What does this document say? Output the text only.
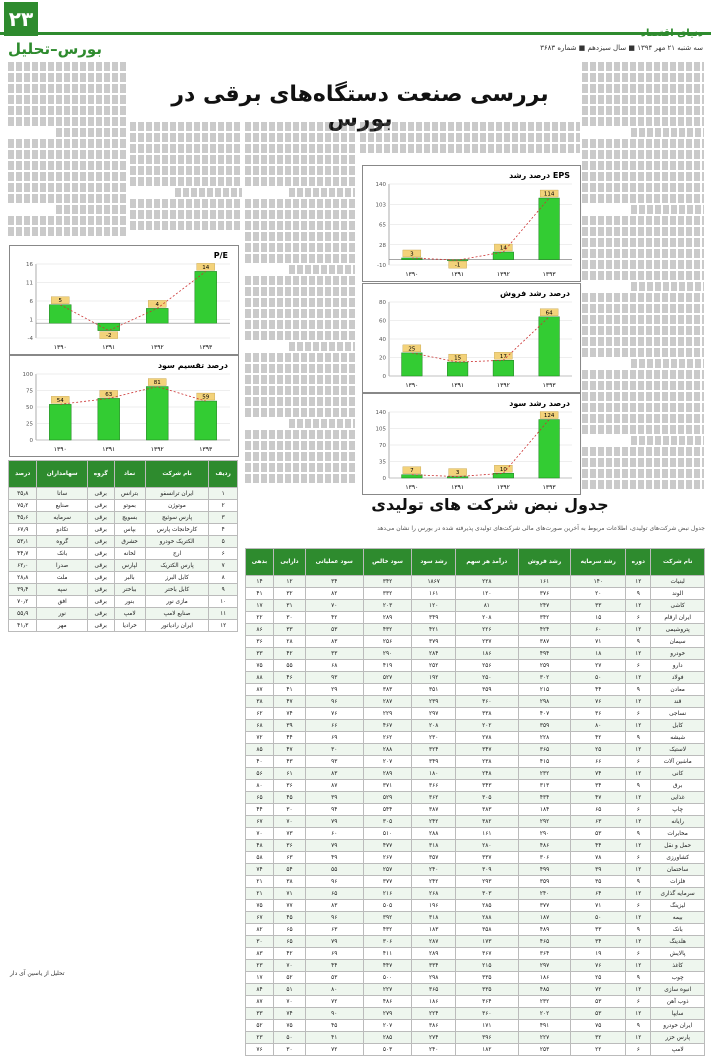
۲۳
بورس–تحلیل
دنیای اقتصاد
سه شنبه ۲۱ مهر ۱۳۹۴ ■ سال سیزدهم ■ شماره ۳۶۸۳
بررسی صنعت دستگاه‌های برقی در بورس
P/E
-4
1
6
11
16
5
۱۳۹۰
-2
۱۳۹۱
4
۱۳۹۲
14
۱۳۹۳
درصد تقسیم سود
0
25
50
75
100
54
۱۳۹۰
63
۱۳۹۱
81
۱۳۹۲
59
۱۳۹۳
درصد رشد EPS
-10
28
65
103
140
3
۱۳۹۰
-1
۱۳۹۱
14
۱۳۹۲
114
۱۳۹۳
درصد رشد فروش
0
20
40
60
80
25
۱۳۹۰
15
۱۳۹۱
17
۱۳۹۲
64
۱۳۹۳
درصد رشد سود
0
35
70
105
140
7
۱۳۹۰
3
۱۳۹۱
10
۱۳۹۲
124
۱۳۹۳
جدول نبض شرکت های تولیدی
جدول نبض شرکت‌های تولیدی، اطلاعات مربوط به آخرین صورت‌های مالی شرکت‌های تولیدی پذیرفته شده در بورس را نشان می‌دهد
نام شرکت	دوره	رشد سرمایه	رشد فروش	درآمد هر سهم	رشد سود	سود خالص	سود عملیاتی	دارایی	بدهی
لبنیات	۱۲	۱۴۰	۱۶۱	۲۲۸	۱۸۶۷	۳۴۲	۳۴	۱۲	۱۴
الوند	۹	۲۰	۳۷۶	۱۲۰	۱۶۱	۳۳۲	۸۲	۳۲	۴۱
کاشی	۱۲	۳۳	۲۴۷	۸۱	۱۲۰	۲۰۳	۷۰	۳۱	۱۷
ایران ارقام	۶	۱۵	۳۴۲	۲۰۸	۳۴۹	۲۸۹	۴۲	۳۰	۲۲
پتروشیمی	۱۲	۶۰	۴۲۴	۲۲۶	۴۲۱	۴۳۲	۵۳	۳۳	۸۶
سیمان	۹	۷۱	۳۸۷	۲۳۷	۳۷۹	۲۵۶	۸۳	۲۸	۳۶
خودرو	۱۲	۱۸	۴۹۴	۱۸۶	۲۸۴	۲۹۰	۳۳	۴۲	۳۳
دارو	۶	۲۷	۲۵۹	۲۵۶	۲۵۲	۴۱۹	۶۸	۵۵	۷۵
فولاد	۱۲	۵۰	۳۰۲	۲۵۰	۱۹۲	۵۲۷	۹۳	۴۶	۸۸
معادن	۹	۴۴	۲۱۵	۳۵۹	۳۵۱	۳۸۳	۲۹	۴۱	۸۷
قند	۱۲	۷۶	۲۹۸	۳۶۰	۲۳۹	۲۸۷	۹۶	۴۷	۳۸
نساجی	۶	۳۶	۴۰۷	۳۳۸	۲۹۷	۲۲۹	۷۶	۷۴	۶۲
کابل	۱۲	۸۰	۳۵۹	۲۰۲	۲۰۸	۴۶۷	۶۶	۳۹	۶۸
شیشه	۹	۴۲	۲۲۸	۲۷۸	۲۳۰	۲۶۲	۶۹	۴۴	۷۲
لاستیک	۱۲	۲۵	۳۶۵	۳۴۷	۳۲۴	۲۸۸	۳۰	۴۷	۸۵
ماشین آلات	۶	۶۶	۴۱۵	۲۳۸	۳۴۹	۲۰۷	۹۳	۴۳	۴۰
کانی	۱۲	۷۴	۲۳۲	۲۴۸	۱۸۰	۲۸۹	۸۳	۶۱	۵۶
برق	۹	۳۴	۳۱۳	۳۴۳	۳۶۶	۳۷۱	۸۷	۳۶	۸۰
غذایی	۱۲	۴۷	۴۳۴	۳۰۵	۳۶۲	۵۲۹	۳۹	۴۵	۶۵
چاپ	۶	۶۵	۱۸۴	۳۸۳	۳۸۷	۵۴۴	۹۴	۳۰	۴۴
رایانه	۱۲	۶۳	۲۹۲	۳۸۲	۲۴۲	۳۰۵	۷۹	۷۰	۶۷
مخابرات	۹	۵۳	۲۹۰	۱۶۱	۲۸۸	۵۱۰	۶۰	۷۳	۷۰
حمل و نقل	۱۲	۴۴	۴۸۶	۲۸۰	۳۱۸	۴۷۷	۷۹	۳۶	۴۸
کشاورزی	۶	۷۸	۳۰۶	۳۳۷	۳۵۷	۲۶۷	۴۹	۶۳	۵۸
ساختمان	۱۲	۳۹	۴۹۹	۳۰۹	۲۴۰	۲۵۷	۵۵	۵۴	۷۴
فلزات	۹	۳۵	۳۵۹	۲۹۳	۲۴۲	۳۷۷	۹۶	۳۸	۲۱
سرمایه گذاری	۱۲	۶۴	۲۴۰	۳۰۳	۲۶۸	۲۱۶	۶۵	۷۱	۲۱
لیزینگ	۶	۷۱	۳۷۷	۲۸۵	۱۹۶	۵۰۵	۸۳	۷۷	۷۵
بیمه	۱۲	۵۰	۱۸۷	۲۸۸	۳۱۸	۳۹۲	۹۶	۴۵	۶۷
بانک	۹	۳۳	۴۸۹	۳۵۸	۱۸۳	۴۳۲	۶۳	۶۵	۸۲
هلدینگ	۱۲	۳۴	۴۶۵	۱۷۳	۲۸۷	۳۰۶	۷۹	۶۵	۳۰
پالایش	۶	۱۹	۳۶۴	۳۶۷	۲۸۹	۴۱۱	۶۹	۴۲	۸۳
کاغذ	۱۲	۷۶	۲۹۷	۲۱۵	۳۳۴	۴۴۷	۴۴	۷۰	۲۳
چوب	۹	۲۵	۱۸۶	۳۳۵	۲۹۸	۵۰۰	۵۳	۵۲	۱۷
انبوه سازی	۱۲	۷۲	۴۸۵	۳۳۵	۳۶۵	۲۲۷	۸۰	۵۱	۸۴
ذوب آهن	۶	۵۳	۲۳۲	۳۶۴	۱۸۶	۴۸۶	۷۲	۷۰	۸۷
سایپا	۱۲	۵۳	۲۰۲	۳۶۰	۲۲۴	۲۷۹	۹۰	۷۴	۳۳
ایران خودرو	۹	۷۵	۴۹۱	۱۷۱	۳۸۶	۲۰۷	۴۵	۷۵	۵۲
پارس خزر	۱۲	۳۲	۲۲۷	۳۹۶	۲۷۴	۲۸۵	۴۱	۵۰	۲۳
لامپ	۶	۲۲	۲۵۳	۱۸۲	۲۴۰	۵۰۳	۷۲	۳۰	۷۶
ردیف	نام شرکت	نماد	گروه	سهامداران	درصد
۱	ایران ترانسفو	بترانس	برقی	ساتا	۳۵٫۸
۲	موتوژن	بموتو	برقی	صنایع	۷۵٫۲
۳	پارس سوئیچ	بسویچ	برقی	سرمایه	۴۵٫۶
۴	کارخانجات پارس	بپاس	برقی	تکادو	۶۷٫۹
۵	الکتریک خودرو	خشرق	برقی	گروه	۵۳٫۱
۶	ارج	لخانه	برقی	بانک	۴۴٫۷
۷	پارس الکتریک	لپارس	برقی	صدرا	۶۲٫۰
۸	کابل البرز	بالبر	برقی	ملت	۲۸٫۸
۹	کابل باختر	بباختر	برقی	سپه	۳۹٫۴
۱۰	مازی نور	بنور	برقی	افق	۷۰٫۲
۱۱	صنایع لامپ	لامپ	برقی	نور	۵۵٫۹
۱۲	ایران رادیاتور	خرادیا	برقی	مهر	۴۱٫۳
تحلیل از یاسین آی دار
